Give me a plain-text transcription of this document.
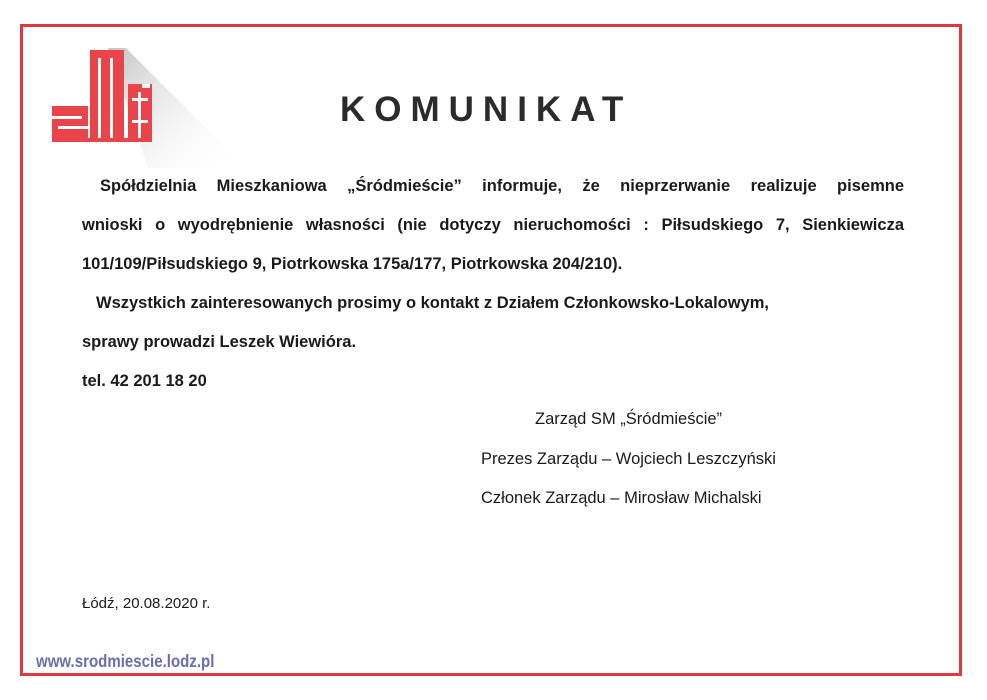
KOMUNIKAT
Spółdzielnia Mieszkaniowa „Śródmieście” informuje, że nieprzerwanie realizuje pisemne
wnioski o wyodrębnienie własności (nie dotyczy nieruchomości : Piłsudskiego 7, Sienkiewicza
101/109/Piłsudskiego 9, Piotrkowska 175a/177, Piotrkowska 204/210).
Wszystkich zainteresowanych prosimy o kontakt z Działem Członkowsko-Lokalowym,
sprawy prowadzi Leszek Wiewióra.
tel. 42 201 18 20
Zarząd SM „Śródmieście”
Prezes Zarządu – Wojciech Leszczyński
Członek Zarządu – Mirosław Michalski
Łódź, 20.08.2020 r.
www.srodmiescie.lodz.pl
